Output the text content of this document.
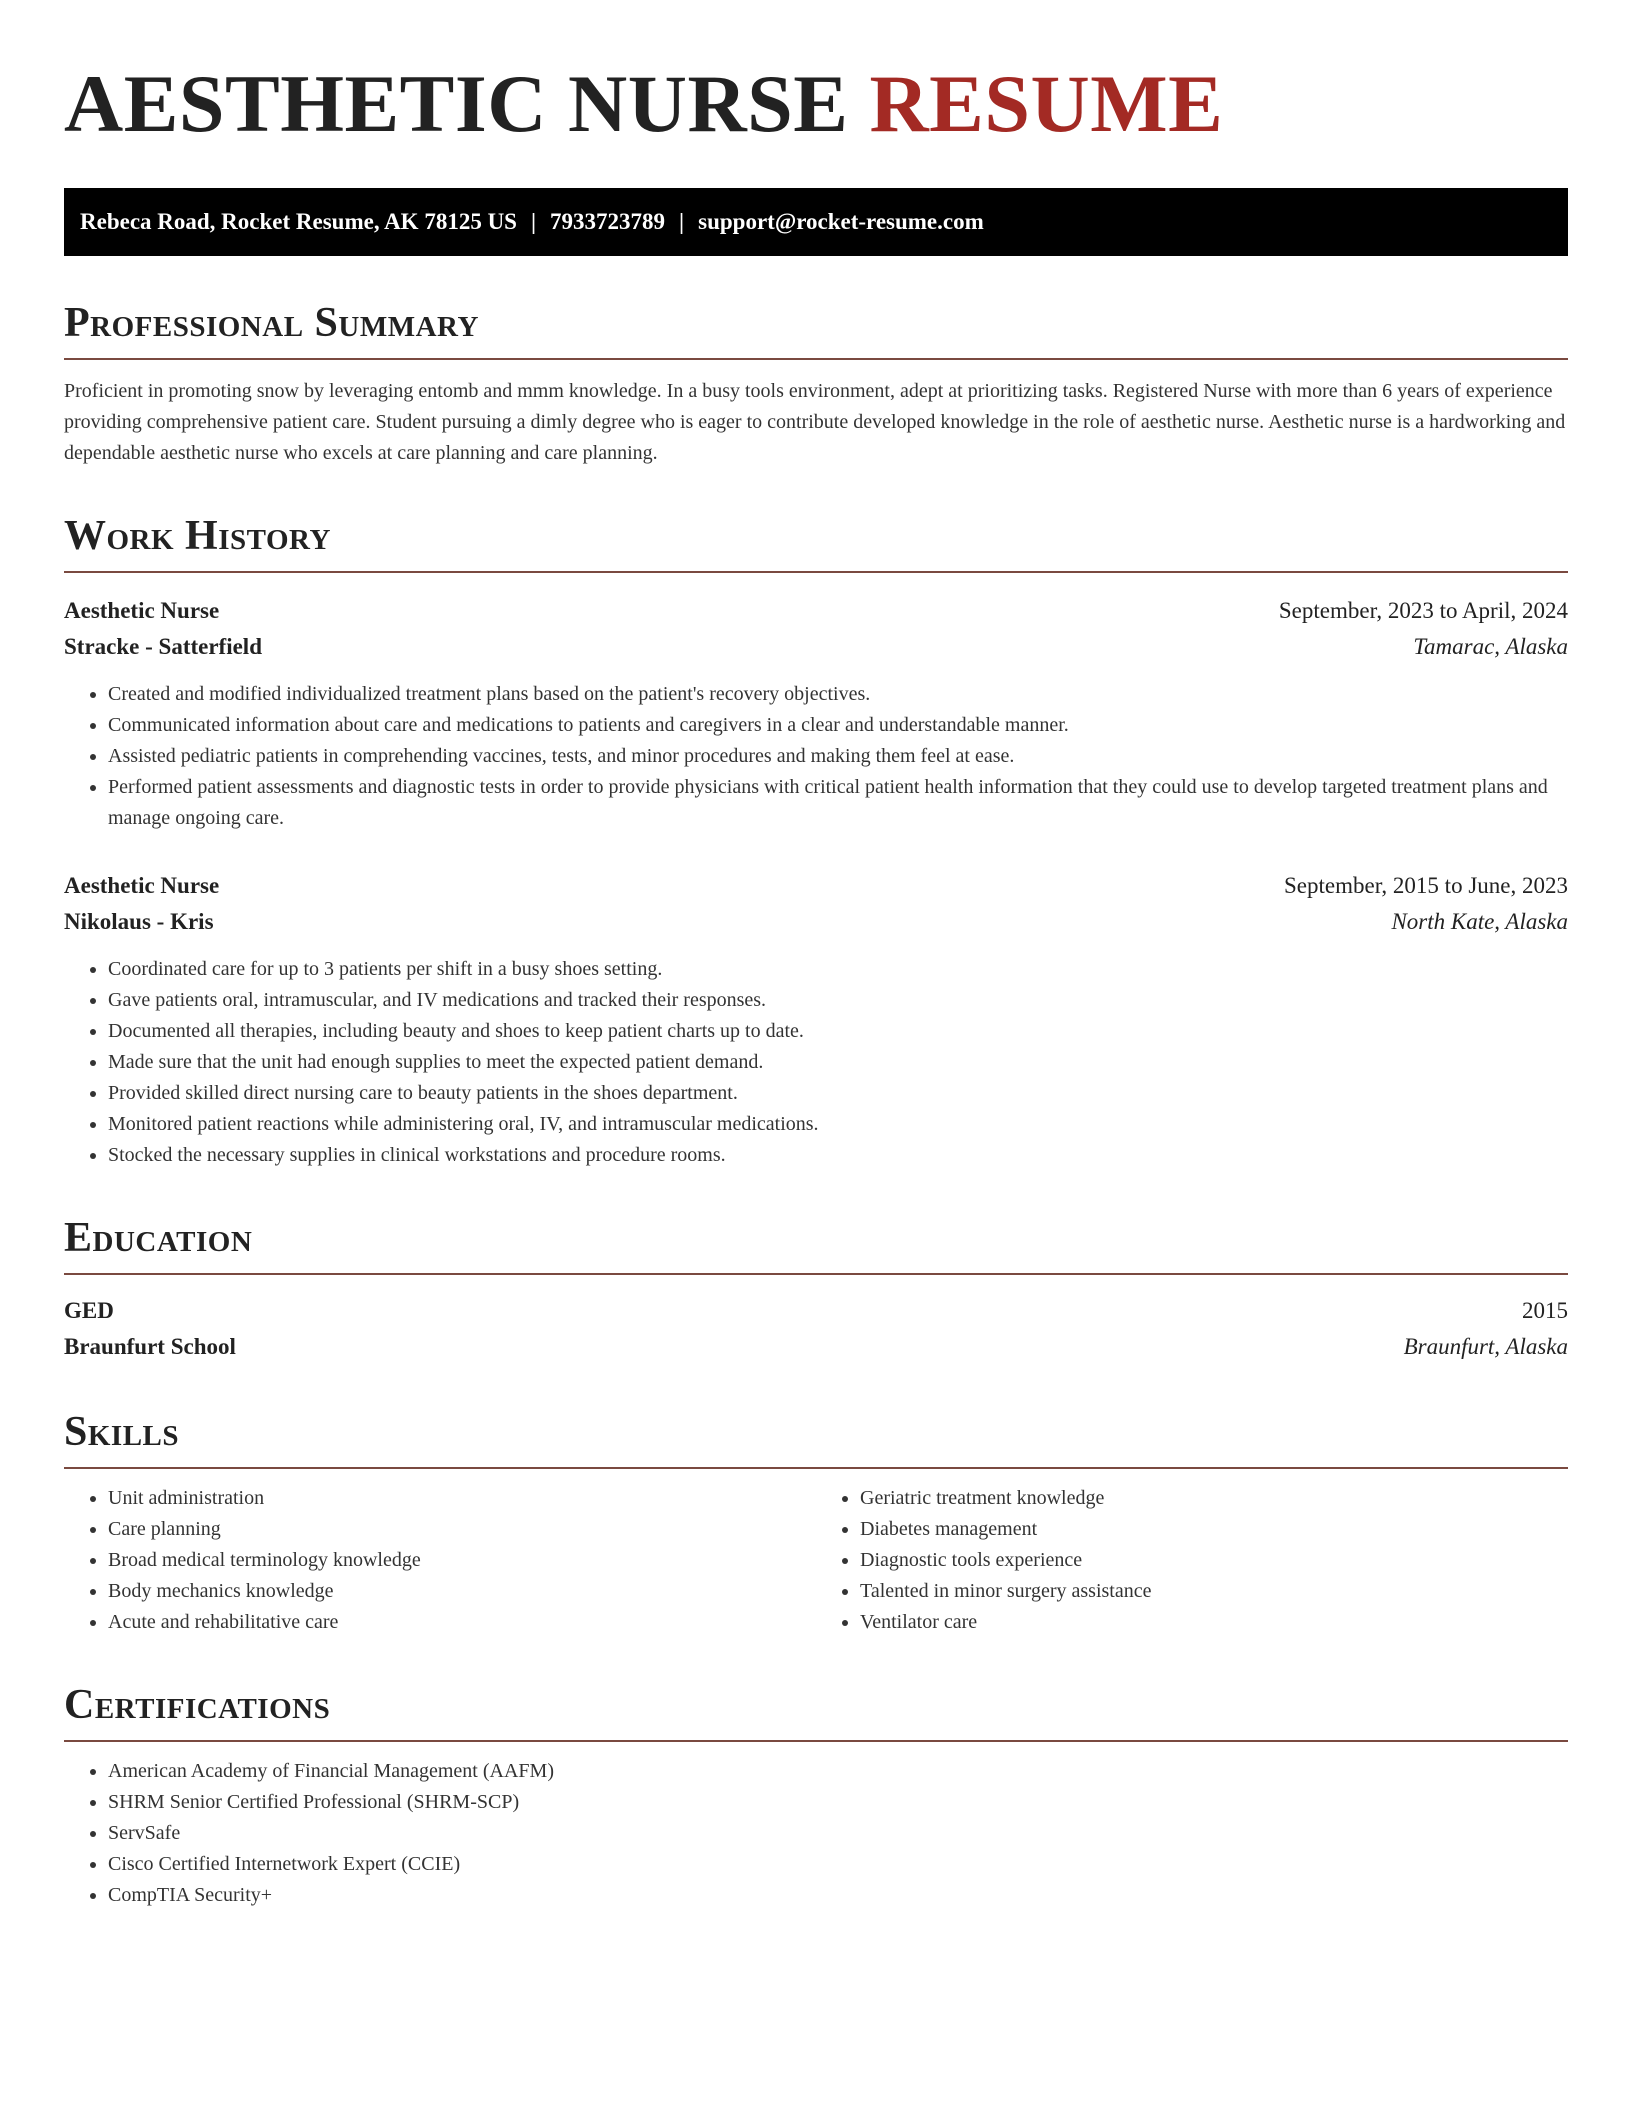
AESTHETIC NURSE RESUME
Rebeca Road, Rocket Resume, AK 78125 US | 7933723789 | support@rocket-resume.com
Professional Summary

Proficient in promoting snow by leveraging entomb and mmm knowledge. In a busy tools environment, adept at prioritizing tasks. Registered Nurse with more than 6 years of experience providing comprehensive patient care. Student pursuing a dimly degree who is eager to contribute developed knowledge in the role of aesthetic nurse. Aesthetic nurse is a hardworking and dependable aesthetic nurse who excels at care planning and care planning.

Work History
Aesthetic Nurse	September, 2023 to April, 2024
Stracke - Satterfield	Tamarac, Alaska
• Created and modified individualized treatment plans based on the patient's recovery objectives.
• Communicated information about care and medications to patients and caregivers in a clear and understandable manner.
• Assisted pediatric patients in comprehending vaccines, tests, and minor procedures and making them feel at ease.
• Performed patient assessments and diagnostic tests in order to provide physicians with critical patient health information that they could use to develop targeted treatment plans and manage ongoing care.
Aesthetic Nurse	September, 2015 to June, 2023
Nikolaus - Kris	North Kate, Alaska
• Coordinated care for up to 3 patients per shift in a busy shoes setting.
• Gave patients oral, intramuscular, and IV medications and tracked their responses.
• Documented all therapies, including beauty and shoes to keep patient charts up to date.
• Made sure that the unit had enough supplies to meet the expected patient demand.
• Provided skilled direct nursing care to beauty patients in the shoes department.
• Monitored patient reactions while administering oral, IV, and intramuscular medications.
• Stocked the necessary supplies in clinical workstations and procedure rooms.
Education
GED	2015
Braunfurt School	Braunfurt, Alaska
Skills
• Unit administration
• Care planning
• Broad medical terminology knowledge
• Body mechanics knowledge
• Acute and rehabilitative care
• Geriatric treatment knowledge
• Diabetes management
• Diagnostic tools experience
• Talented in minor surgery assistance
• Ventilator care
Certifications
• American Academy of Financial Management (AAFM)
• SHRM Senior Certified Professional (SHRM-SCP)
• ServSafe
• Cisco Certified Internetwork Expert (CCIE)
• CompTIA Security+
